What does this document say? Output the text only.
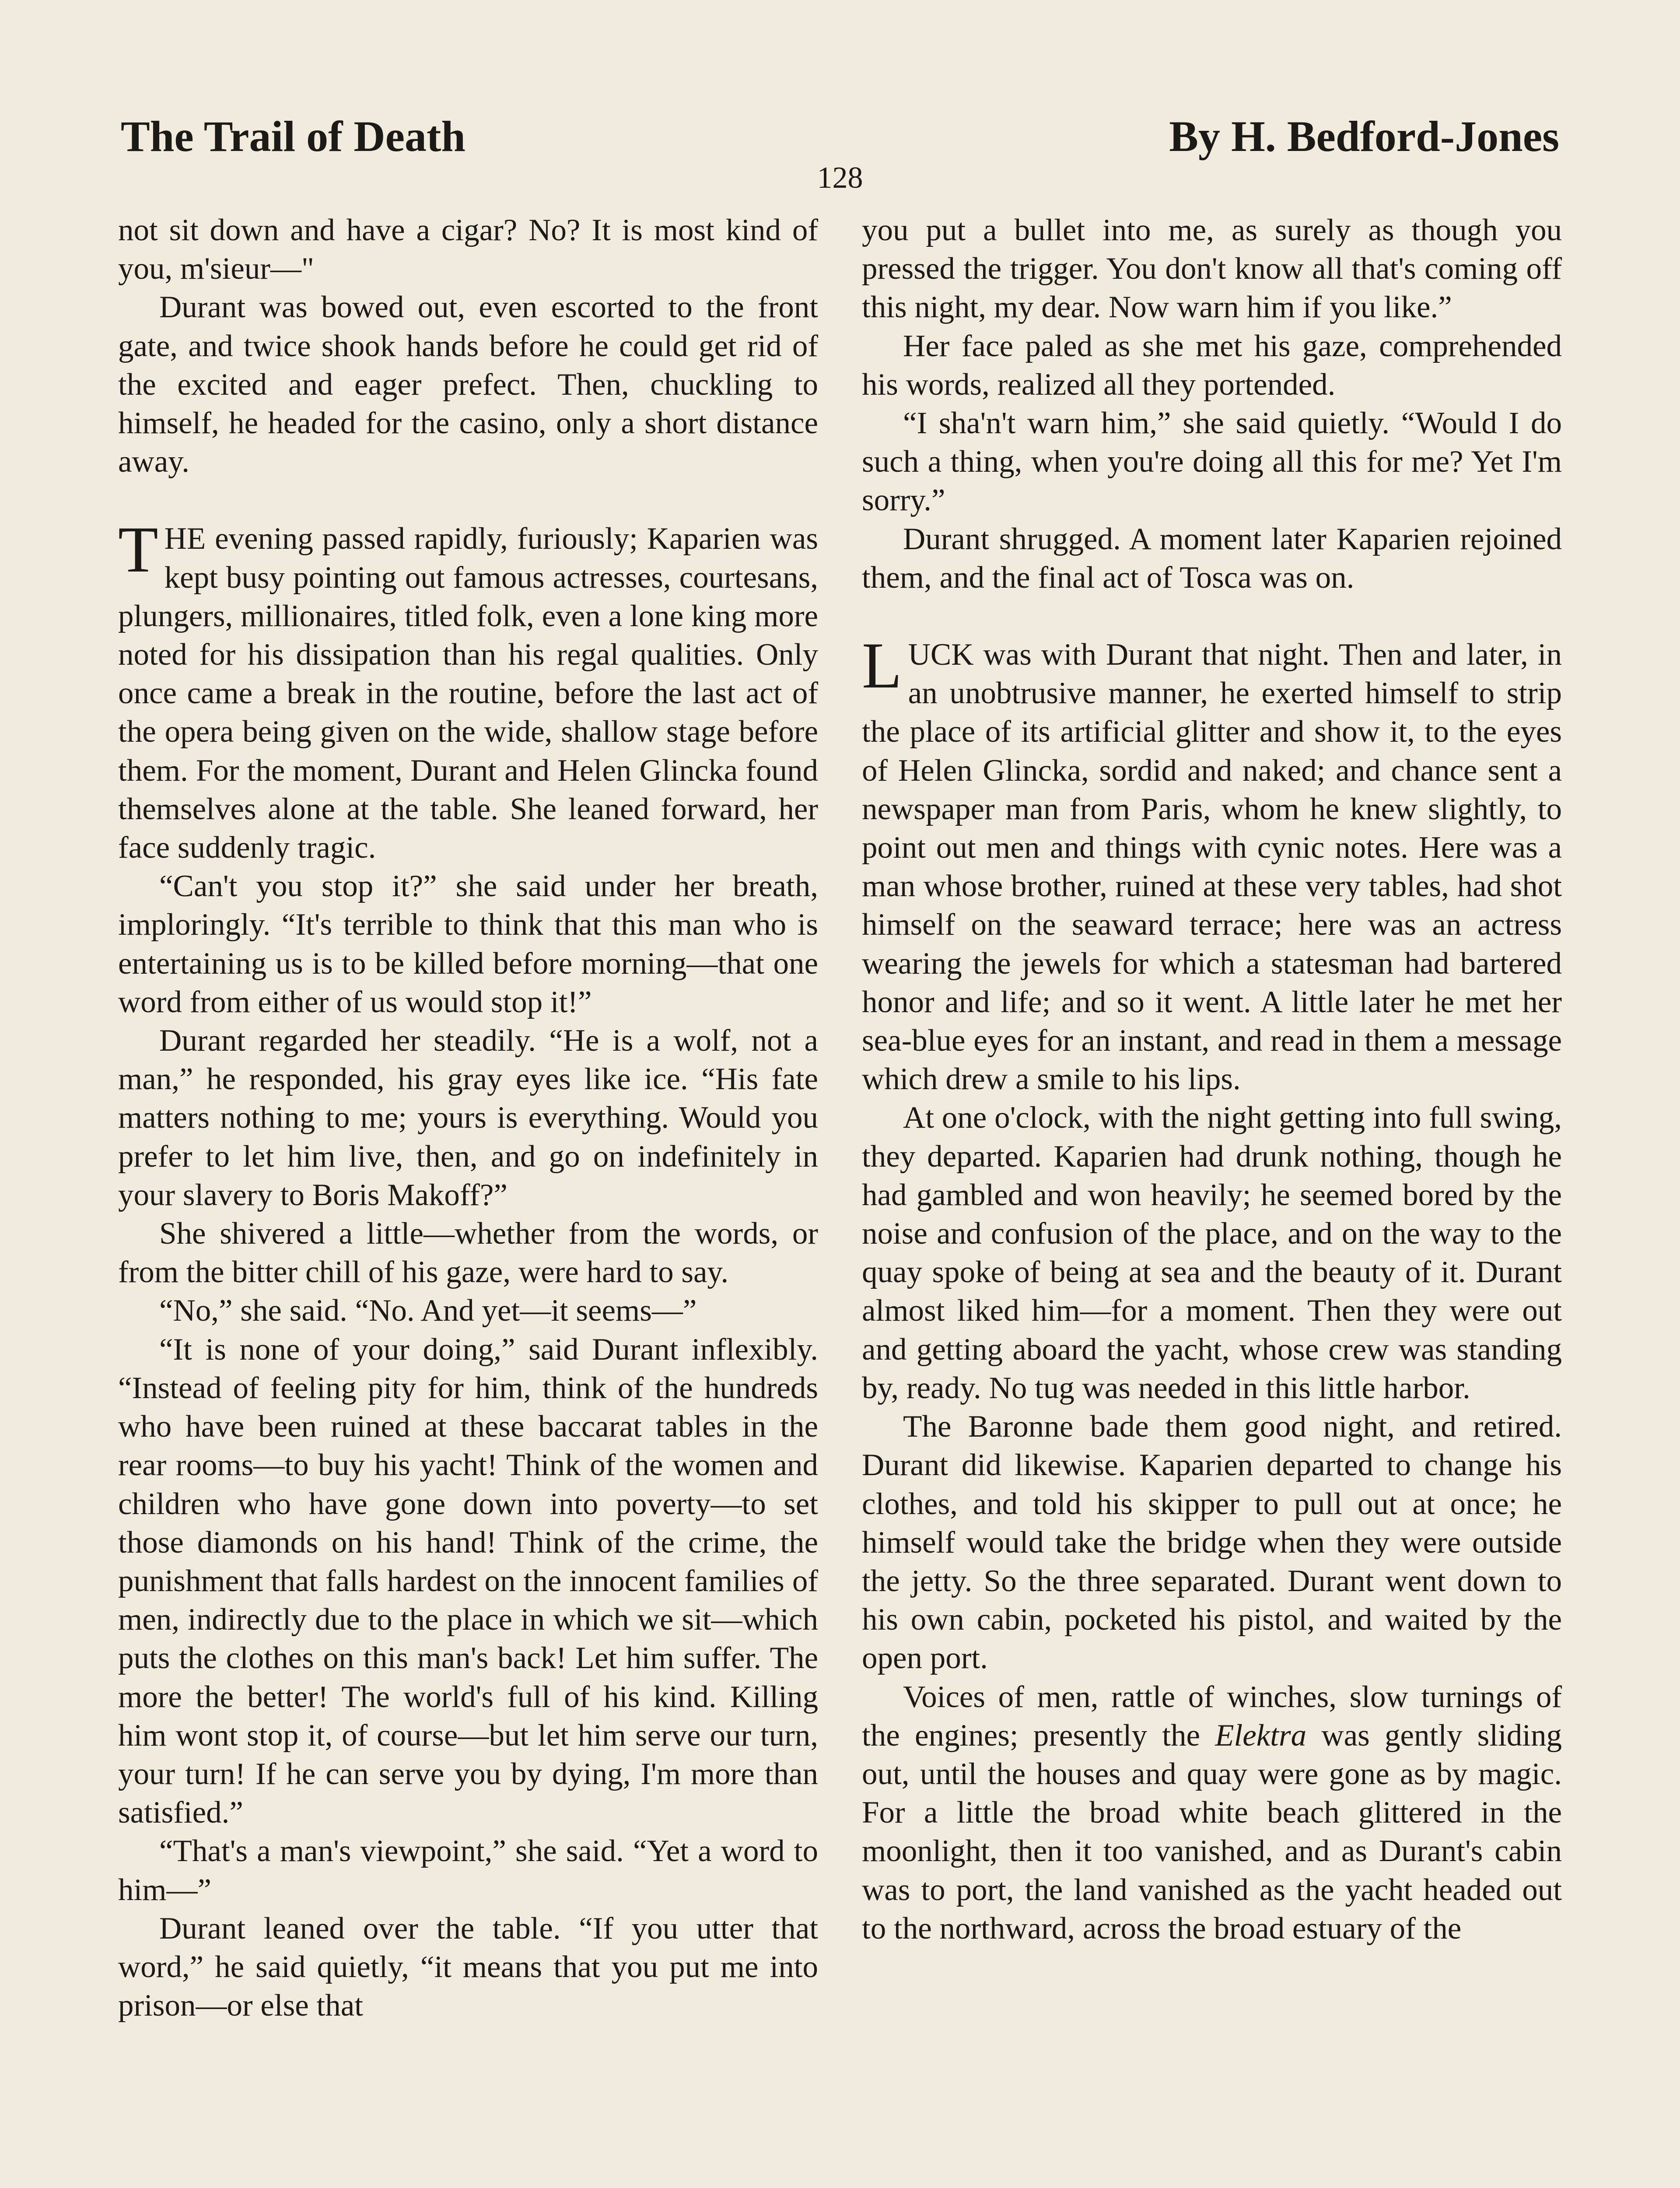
The Trail of Death	By H. Bedford-Jones
128

not sit down and have a cigar? No? It is most kind of you, m'sieur—"

Durant was bowed out, even escorted to the front gate, and twice shook hands before he could get rid of the excited and eager prefect. Then, chuckling to himself, he headed for the casino, only a short distance away.

THE evening passed rapidly, furiously; Kaparien was kept busy pointing out famous actresses, courtesans, plungers, millionaires, titled folk, even a lone king more noted for his dissipation than his regal qualities. Only once came a break in the routine, before the last act of the opera being given on the wide, shallow stage before them. For the moment, Durant and Helen Glincka found themselves alone at the table. She leaned forward, her face suddenly tragic.

“Can't you stop it?” she said under her breath, imploringly. “It's terrible to think that this man who is entertaining us is to be killed before morning—that one word from either of us would stop it!”

Durant regarded her steadily. “He is a wolf, not a man,” he responded, his gray eyes like ice. “His fate matters nothing to me; yours is everything. Would you prefer to let him live, then, and go on indefinitely in your slavery to Boris Makoff?”

She shivered a little—whether from the words, or from the bitter chill of his gaze, were hard to say.

“No,” she said. “No. And yet—it seems—”

“It is none of your doing,” said Durant inflexibly. “Instead of feeling pity for him, think of the hundreds who have been ruined at these baccarat tables in the rear rooms—to buy his yacht! Think of the women and children who have gone down into poverty—to set those diamonds on his hand! Think of the crime, the punishment that falls hardest on the innocent families of men, indirectly due to the place in which we sit—which puts the clothes on this man's back! Let him suffer. The more the better! The world's full of his kind. Killing him wont stop it, of course—but let him serve our turn, your turn! If he can serve you by dying, I'm more than satisfied.”

“That's a man's viewpoint,” she said. “Yet a word to him—”

Durant leaned over the table. “If you utter that word,” he said quietly, “it means that you put me into prison—or else that

you put a bullet into me, as surely as though you pressed the trigger. You don't know all that's coming off this night, my dear. Now warn him if you like.”

Her face paled as she met his gaze, comprehended his words, realized all they portended.

“I sha'n't warn him,” she said quietly. “Would I do such a thing, when you're doing all this for me? Yet I'm sorry.”

Durant shrugged. A moment later Kaparien rejoined them, and the final act of Tosca was on.

LUCK was with Durant that night. Then and later, in an unobtrusive manner, he exerted himself to strip the place of its artificial glitter and show it, to the eyes of Helen Glincka, sordid and naked; and chance sent a newspaper man from Paris, whom he knew slightly, to point out men and things with cynic notes. Here was a man whose brother, ruined at these very tables, had shot himself on the seaward terrace; here was an actress wearing the jewels for which a statesman had bartered honor and life; and so it went. A little later he met her sea-blue eyes for an instant, and read in them a message which drew a smile to his lips.

At one o'clock, with the night getting into full swing, they departed. Kaparien had drunk nothing, though he had gambled and won heavily; he seemed bored by the noise and confusion of the place, and on the way to the quay spoke of being at sea and the beauty of it. Durant almost liked him—for a moment. Then they were out and getting aboard the yacht, whose crew was standing by, ready. No tug was needed in this little harbor.

The Baronne bade them good night, and retired. Durant did likewise. Kaparien departed to change his clothes, and told his skipper to pull out at once; he himself would take the bridge when they were outside the jetty. So the three separated. Durant went down to his own cabin, pocketed his pistol, and waited by the open port.

Voices of men, rattle of winches, slow turnings of the engines; presently the Elektra was gently sliding out, until the houses and quay were gone as by magic. For a little the broad white beach glittered in the moonlight, then it too vanished, and as Durant's cabin was to port, the land vanished as the yacht headed out to the northward, across the broad estuary of the
